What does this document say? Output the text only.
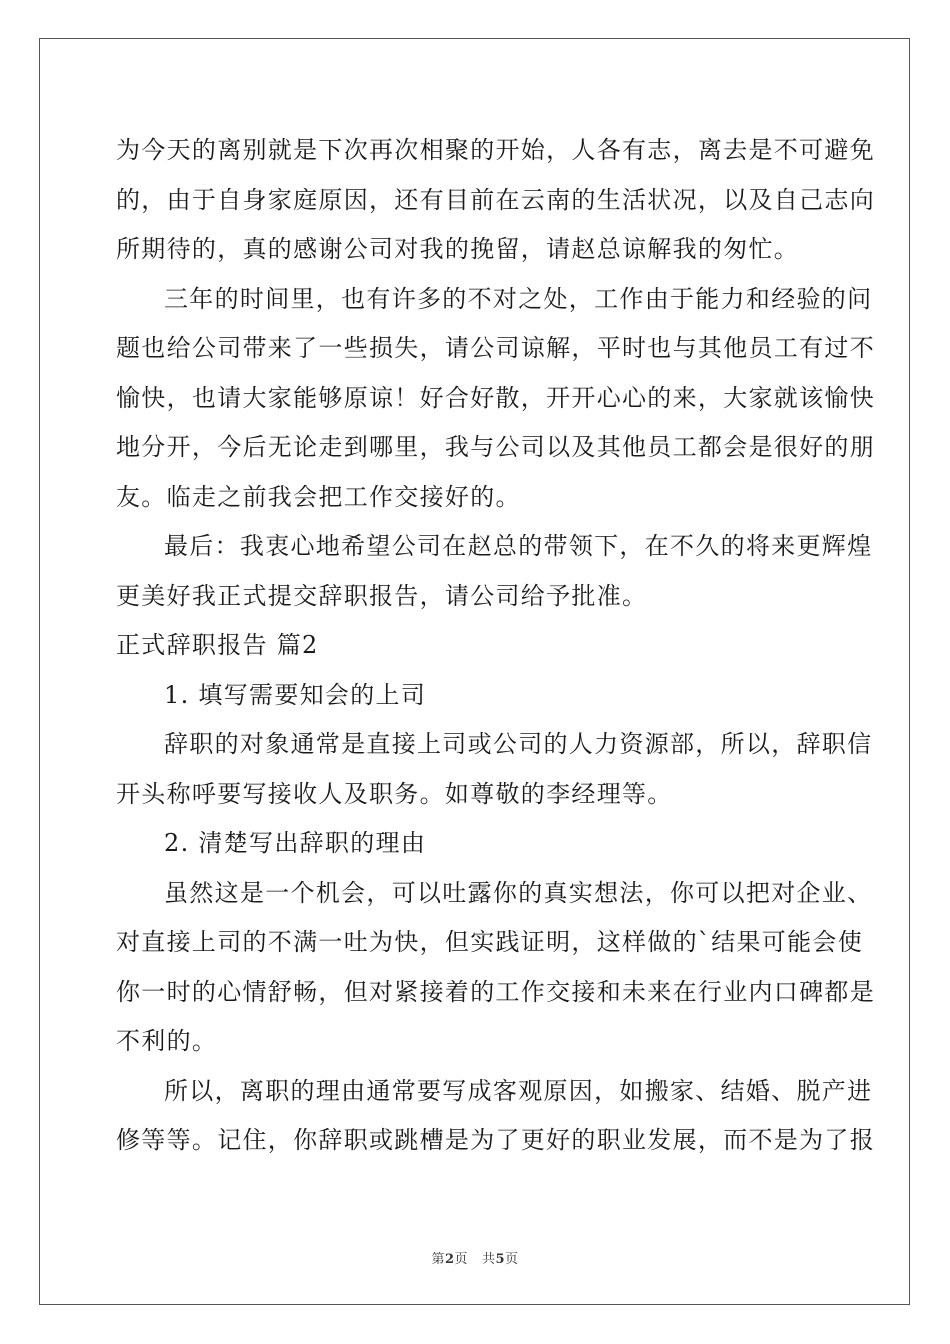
为今天的离别就是下次再次相聚的开始，人各有志，离去是不可避免
的，由于自身家庭原因，还有目前在云南的生活状况，以及自己志向
所期待的，真的感谢公司对我的挽留，请赵总谅解我的匆忙。
三年的时间里，也有许多的不对之处，工作由于能力和经验的问
题也给公司带来了一些损失，请公司谅解，平时也与其他员工有过不
愉快，也请大家能够原谅！好合好散，开开心心的来，大家就该愉快
地分开，今后无论走到哪里，我与公司以及其他员工都会是很好的朋
友。临走之前我会把工作交接好的。
最后：我衷心地希望公司在赵总的带领下，在不久的将来更辉煌
更美好我正式提交辞职报告，请公司给予批准。
正式辞职报告 篇2
1. 填写需要知会的上司
辞职的对象通常是直接上司或公司的人力资源部，所以，辞职信
开头称呼要写接收人及职务。如尊敬的李经理等。
2. 清楚写出辞职的理由
虽然这是一个机会，可以吐露你的真实想法，你可以把对企业、
对直接上司的不满一吐为快，但实践证明，这样做的`结果可能会使
你一时的心情舒畅，但对紧接着的工作交接和未来在行业内口碑都是
不利的。
所以，离职的理由通常要写成客观原因，如搬家、结婚、脱产进
修等等。记住，你辞职或跳槽是为了更好的职业发展，而不是为了报
第2页 共5页
